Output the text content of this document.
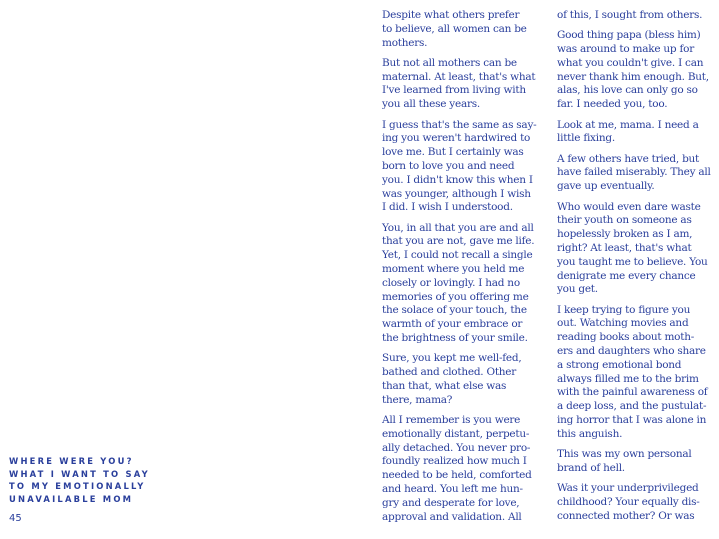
WHERE WERE YOU?
WHAT I WANT TO SAY
TO MY EMOTIONALLY
UNAVAILABLE MOM
45

Despite what others prefer
to believe, all women can be
mothers.

But not all mothers can be
maternal. At least, that's what
I've learned from living with
you all these years.

I guess that's the same as say-
ing you weren't hardwired to
love me. But I certainly was
born to love you and need
you. I didn't know this when I
was younger, although I wish
I did. I wish I understood.

You, in all that you are and all
that you are not, gave me life.
Yet, I could not recall a single
moment where you held me
closely or lovingly. I had no
memories of you offering me
the solace of your touch, the
warmth of your embrace or
the brightness of your smile.

Sure, you kept me well-fed,
bathed and clothed. Other
than that, what else was
there, mama?

All I remember is you were
emotionally distant, perpetu-
ally detached. You never pro-
foundly realized how much I
needed to be held, comforted
and heard. You left me hun-
gry and desperate for love,
approval and validation. All

of this, I sought from others.

Good thing papa (bless him)
was around to make up for
what you couldn't give. I can
never thank him enough. But,
alas, his love can only go so
far. I needed you, too.

Look at me, mama. I need a
little fixing.

A few others have tried, but
have failed miserably. They all
gave up eventually.

Who would even dare waste
their youth on someone as
hopelessly broken as I am,
right? At least, that's what
you taught me to believe. You
denigrate me every chance
you get.

I keep trying to figure you
out. Watching movies and
reading books about moth-
ers and daughters who share
a strong emotional bond
always filled me to the brim
with the painful awareness of
a deep loss, and the pustulat-
ing horror that I was alone in
this anguish.

This was my own personal
brand of hell.

Was it your underprivileged
childhood? Your equally dis-
connected mother? Or was
